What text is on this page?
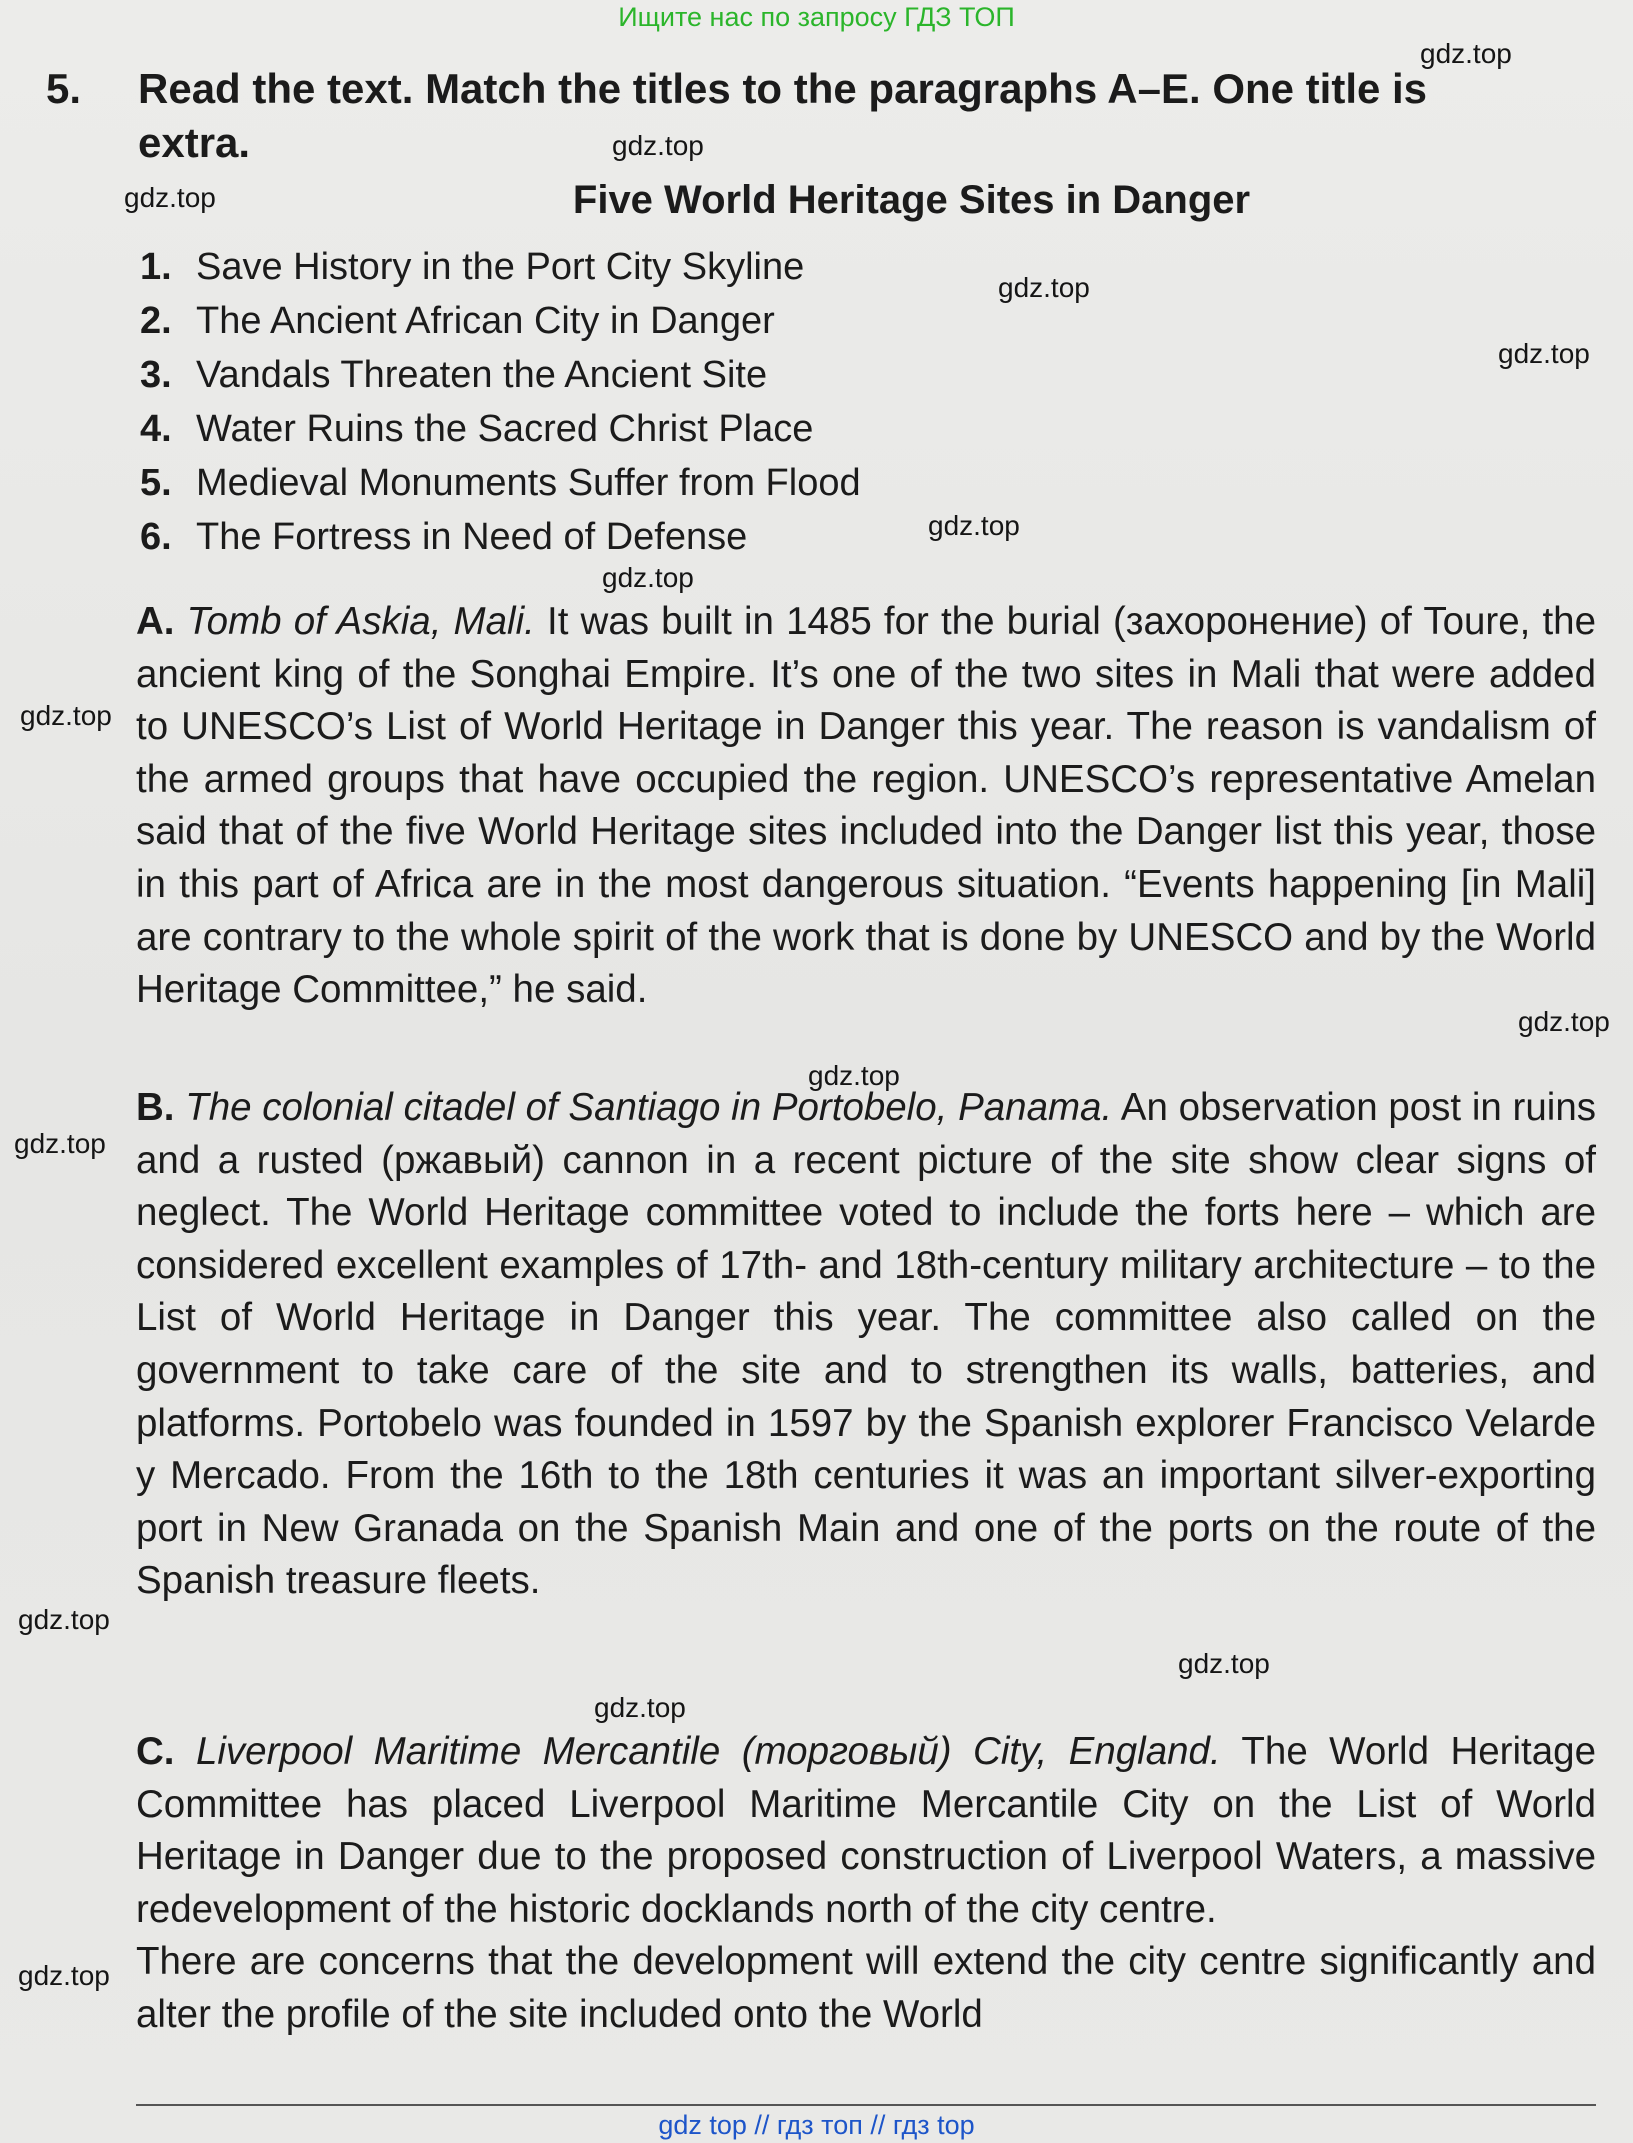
Ищите нас по запросу ГДЗ ТОП
5. Read the text. Match the titles to the paragraphs A–E. One title is
extra.
Five World Heritage Sites in Danger
1. Save History in the Port City Skyline
2. The Ancient African City in Danger
3. Vandals Threaten the Ancient Site
4. Water Ruins the Sacred Christ Place
5. Medieval Monuments Suffer from Flood
6. The Fortress in Need of Defense

A. Tomb of Askia, Mali. It was built in 1485 for the burial (захоронение) of Toure, the ancient king of the Songhai Empire. It’s one of the two sites in Mali that were added to UNESCO’s List of World Heritage in Danger this year. The reason is vandalism of the armed groups that have occupied the region. UNESCO’s representative Amelan said that of the five World Heritage sites included into the Danger list this year, those in this part of Africa are in the most dangerous situation. “Events happening [in Mali] are contrary to the whole spirit of the work that is done by UNESCO and by the World Heritage Committee,” he said.

B. The colonial citadel of Santiago in Portobelo, Panama. An observation post in ruins and a rusted (ржавый) cannon in a recent picture of the site show clear signs of neglect. The World Heritage committee voted to include the forts here – which are considered excellent examples of 17th- and 18th-century military architecture – to the List of World Heritage in Danger this year. The committee also called on the government to take care of the site and to strengthen its walls, batteries, and platforms. Portobelo was founded in 1597 by the Spanish explorer Francisco Velarde y Mercado. From the 16th to the 18th centuries it was an important silver-exporting port in New Granada on the Spanish Main and one of the ports on the route of the Spanish treasure fleets.

C. Liverpool Maritime Mercantile (торговый) City, England. The World Heritage Committee has placed Liverpool Maritime Mercantile City on the List of World Heritage in Danger due to the proposed construction of Liverpool Waters, a massive redevelopment of the historic docklands north of the city centre.
There are concerns that the development will extend the city centre significantly and alter the profile of the site included onto the World

gdz.top
gdz.top
gdz.top
gdz.top
gdz.top
gdz.top
gdz.top
gdz.top
gdz.top
gdz.top
gdz.top
gdz.top
gdz.top
gdz.top
gdz.top
gdz top // гдз топ // гдз top
